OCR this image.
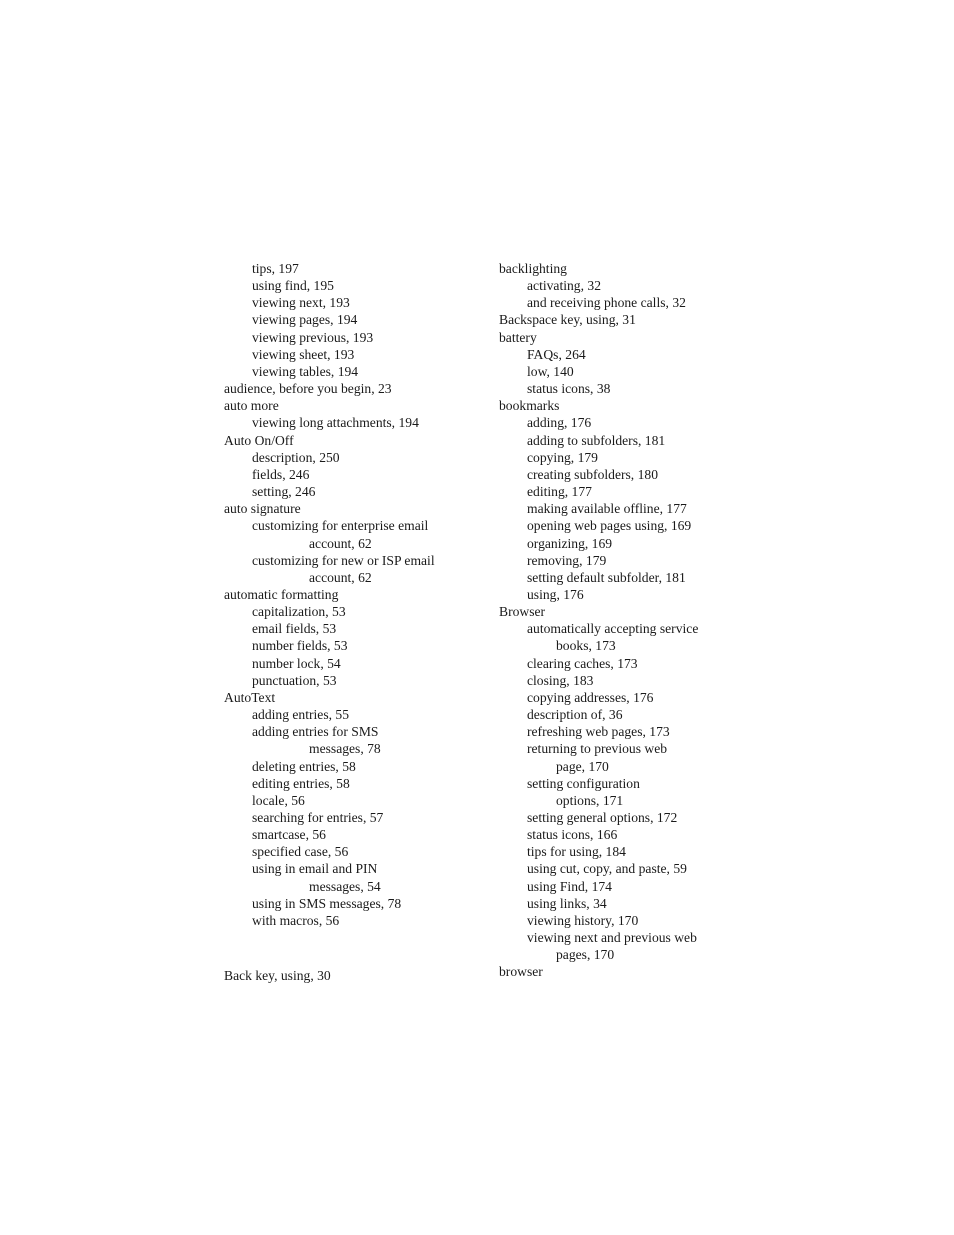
tips, 197
using find, 195
viewing next, 193
viewing pages, 194
viewing previous, 193
viewing sheet, 193
viewing tables, 194
audience, before you begin, 23
auto more
viewing long attachments, 194
Auto On/Off
description, 250
fields, 246
setting, 246
auto signature
customizing for enterprise email
account, 62
customizing for new or ISP email
account, 62
automatic formatting
capitalization, 53
email fields, 53
number fields, 53
number lock, 54
punctuation, 53
AutoText
adding entries, 55
adding entries for SMS
messages, 78
deleting entries, 58
editing entries, 58
locale, 56
searching for entries, 57
smartcase, 56
specified case, 56
using in email and PIN
messages, 54
using in SMS messages, 78
with macros, 56
Back key, using, 30
backlighting
activating, 32
and receiving phone calls, 32
Backspace key, using, 31
battery
FAQs, 264
low, 140
status icons, 38
bookmarks
adding, 176
adding to subfolders, 181
copying, 179
creating subfolders, 180
editing, 177
making available offline, 177
opening web pages using, 169
organizing, 169
removing, 179
setting default subfolder, 181
using, 176
Browser
automatically accepting service
books, 173
clearing caches, 173
closing, 183
copying addresses, 176
description of, 36
refreshing web pages, 173
returning to previous web
page, 170
setting configuration
options, 171
setting general options, 172
status icons, 166
tips for using, 184
using cut, copy, and paste, 59
using Find, 174
using links, 34
viewing history, 170
viewing next and previous web
pages, 170
browser
